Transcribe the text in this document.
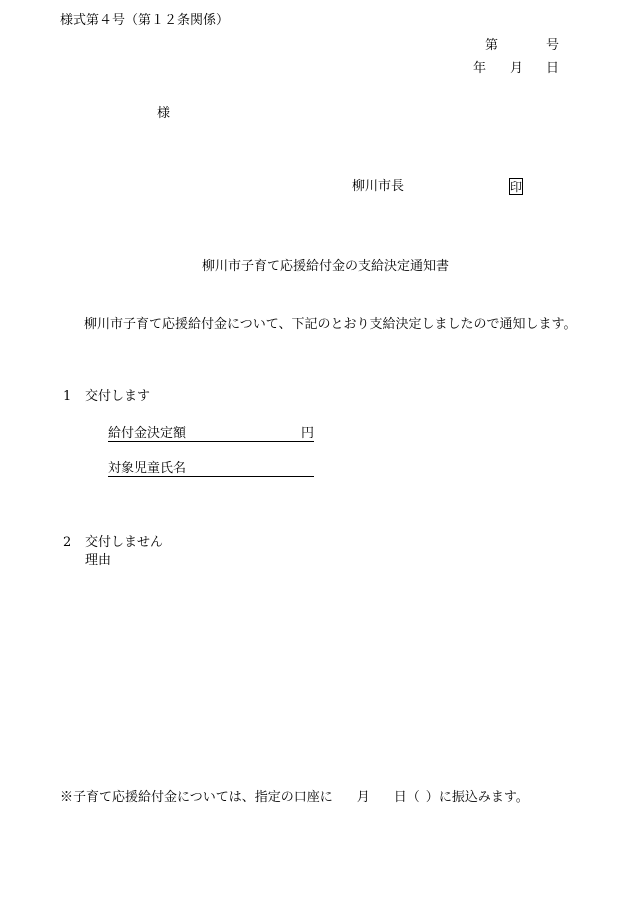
様式第４号（第１２条関係）
第	号
年 月 日
様
柳川市長	印
柳川市子育て応援給付金の支給決定通知書
柳川市子育て応援給付金について、下記のとおり支給決定しましたので通知します。
1 交付します
給付金決定額	円
対象児童氏名
2 交付しません
理由
※子育て応援給付金については、指定の口座に 月 日（ ）に振込みます。
